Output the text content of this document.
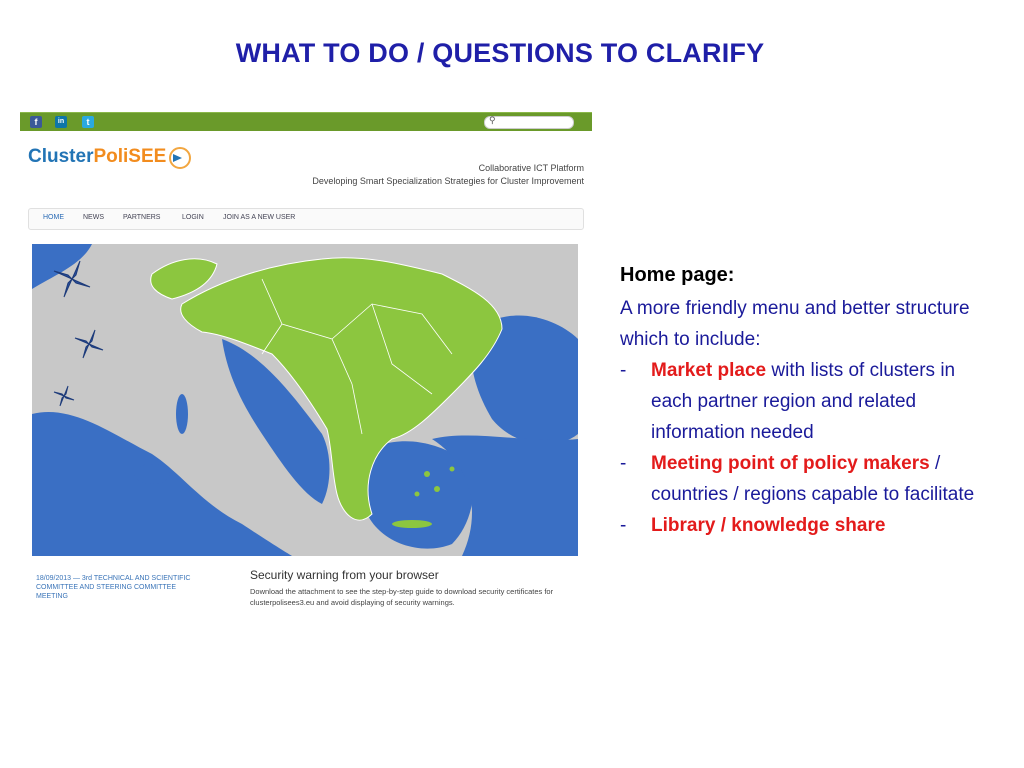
WHAT TO DO / QUESTIONS TO CLARIFY
f	in	t	⚲
ClusterPoliSEE
Collaborative ICT Platform
Developing Smart Specialization Strategies for Cluster Improvement
HOME	NEWS	PARTNERS	LOGIN	JOIN AS A NEW USER
18/09/2013 — 3rd TECHNICAL AND SCIENTIFIC COMMITTEE AND STEERING COMMITTEE MEETING
Security warning from your browser
Download the attachment to see the step-by-step guide to download security certificates for clusterpolisees3.eu and avoid displaying of security warnings.
Home page:
A more friendly menu and better structure which to include:
- Market place with lists of clusters in each partner region and related information needed
- Meeting point of policy makers / countries / regions capable to facilitate
- Library / knowledge share
